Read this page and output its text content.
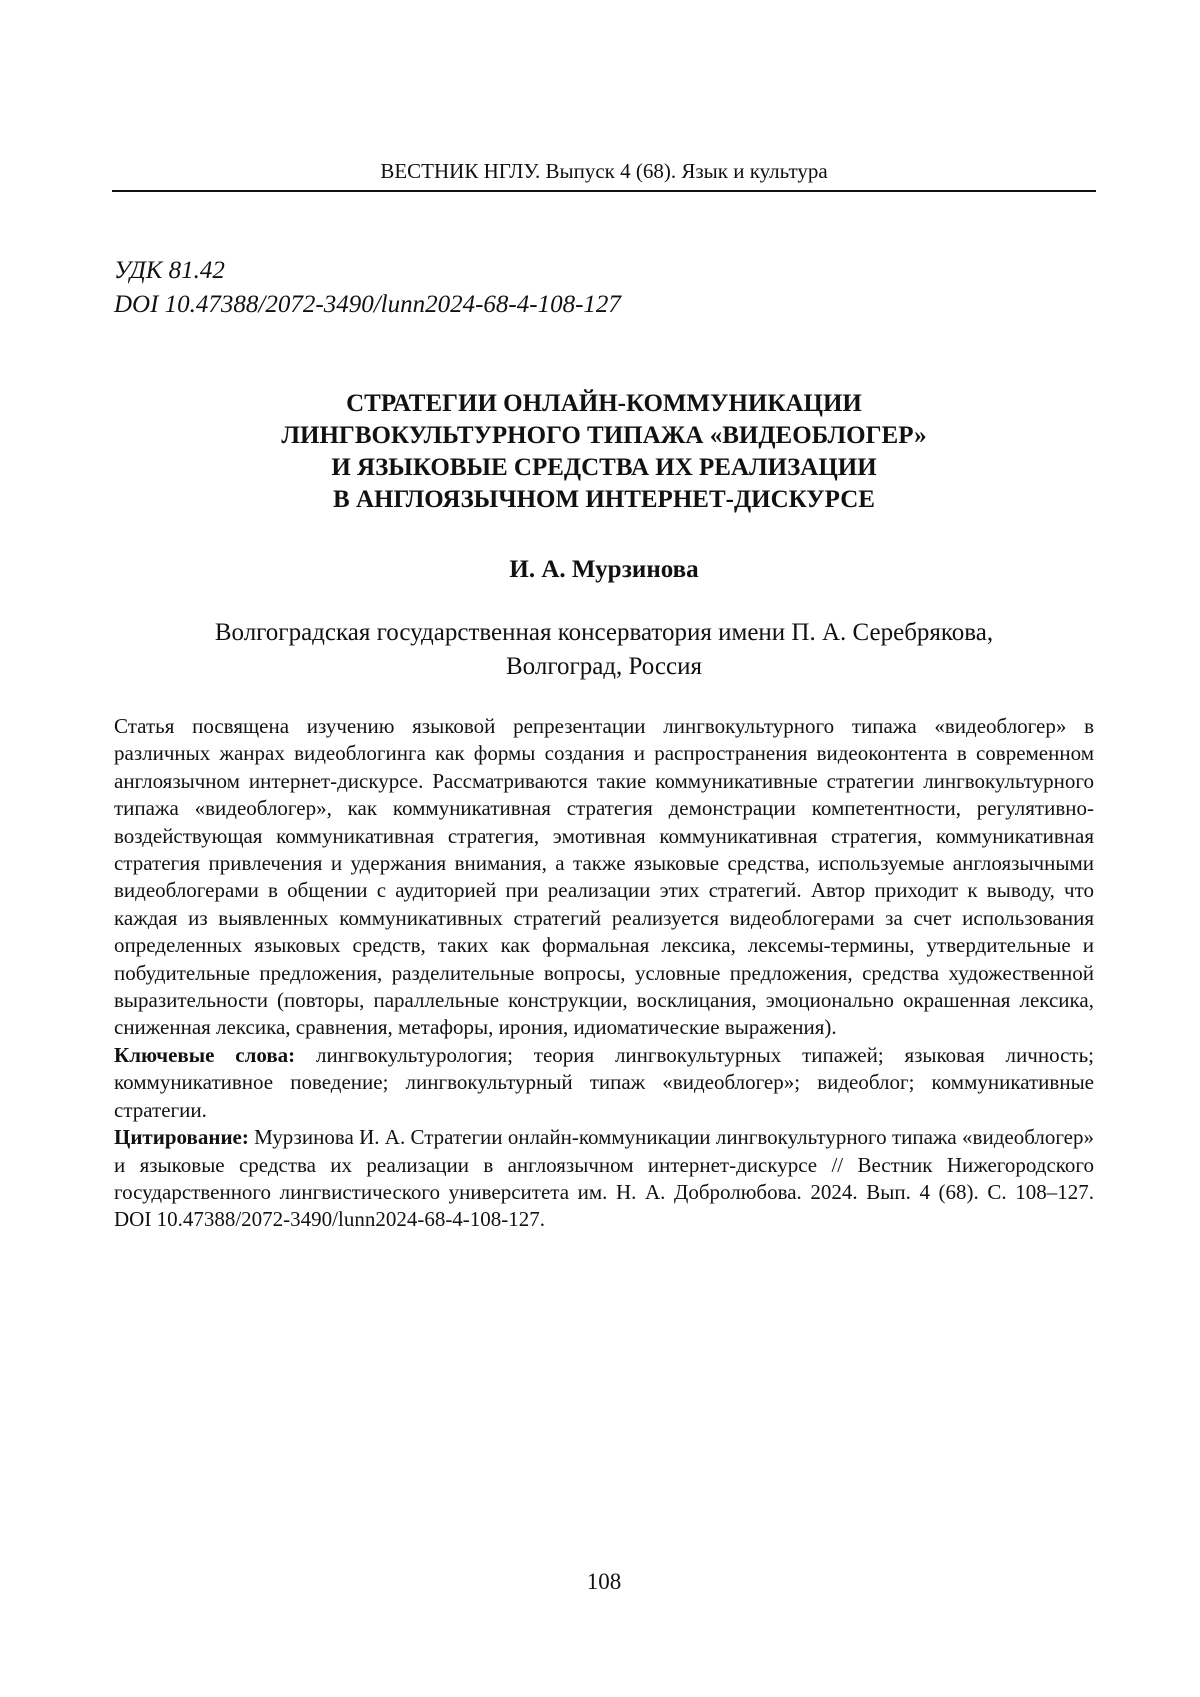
ВЕСТНИК НГЛУ. Выпуск 4 (68). Язык и культура
УДК 81.42
DOI 10.47388/2072-3490/lunn2024-68-4-108-127
СТРАТЕГИИ ОНЛАЙН-КОММУНИКАЦИИ
ЛИНГВОКУЛЬТУРНОГО ТИПАЖА «ВИДЕОБЛОГЕР»
И ЯЗЫКОВЫЕ СРЕДСТВА ИХ РЕАЛИЗАЦИИ
В АНГЛОЯЗЫЧНОМ ИНТЕРНЕТ-ДИСКУРСЕ
И. А. Мурзинова
Волгоградская государственная консерватория имени П. А. Серебрякова,
Волгоград, Россия

Статья посвящена изучению языковой репрезентации лингвокультурного типажа «видеоблогер» в различных жанрах видеоблогинга как формы создания и распространения видеоконтента в современном англоязычном интернет-дискурсе. Рассматриваются такие коммуникативные стратегии лингвокультурного типажа «видеоблогер», как коммуникативная стратегия демонстрации компетентности, регулятивно-воздействующая коммуникативная стратегия, эмотивная коммуникативная стратегия, коммуникативная стратегия привлечения и удержания внимания, а также языковые средства, используемые англоязычными видеоблогерами в общении с аудиторией при реализации этих стратегий. Автор приходит к выводу, что каждая из выявленных коммуникативных стратегий реализуется видеоблогерами за счет использования определенных языковых средств, таких как формальная лексика, лексемы-термины, утвердительные и побудительные предложения, разделительные вопросы, условные предложения, средства художественной выразительности (повторы, параллельные конструкции, восклицания, эмоционально окрашенная лексика, сниженная лексика, сравнения, метафоры, ирония, идиоматические выражения).

Ключевые слова: лингвокультурология; теория лингвокультурных типажей; языковая личность; коммуникативное поведение; лингвокультурный типаж «видеоблогер»; видеоблог; коммуникативные стратегии.

Цитирование: Мурзинова И. А. Стратегии онлайн-коммуникации лингвокультурного типажа «видеоблогер» и языковые средства их реализации в англоязычном интернет-дискурсе // Вестник Нижегородского государственного лингвистического университета им. Н. А. Добролюбова. 2024. Вып. 4 (68). С. 108–127. DOI 10.47388/2072-3490/lunn2024-68-4-108-127.

108
